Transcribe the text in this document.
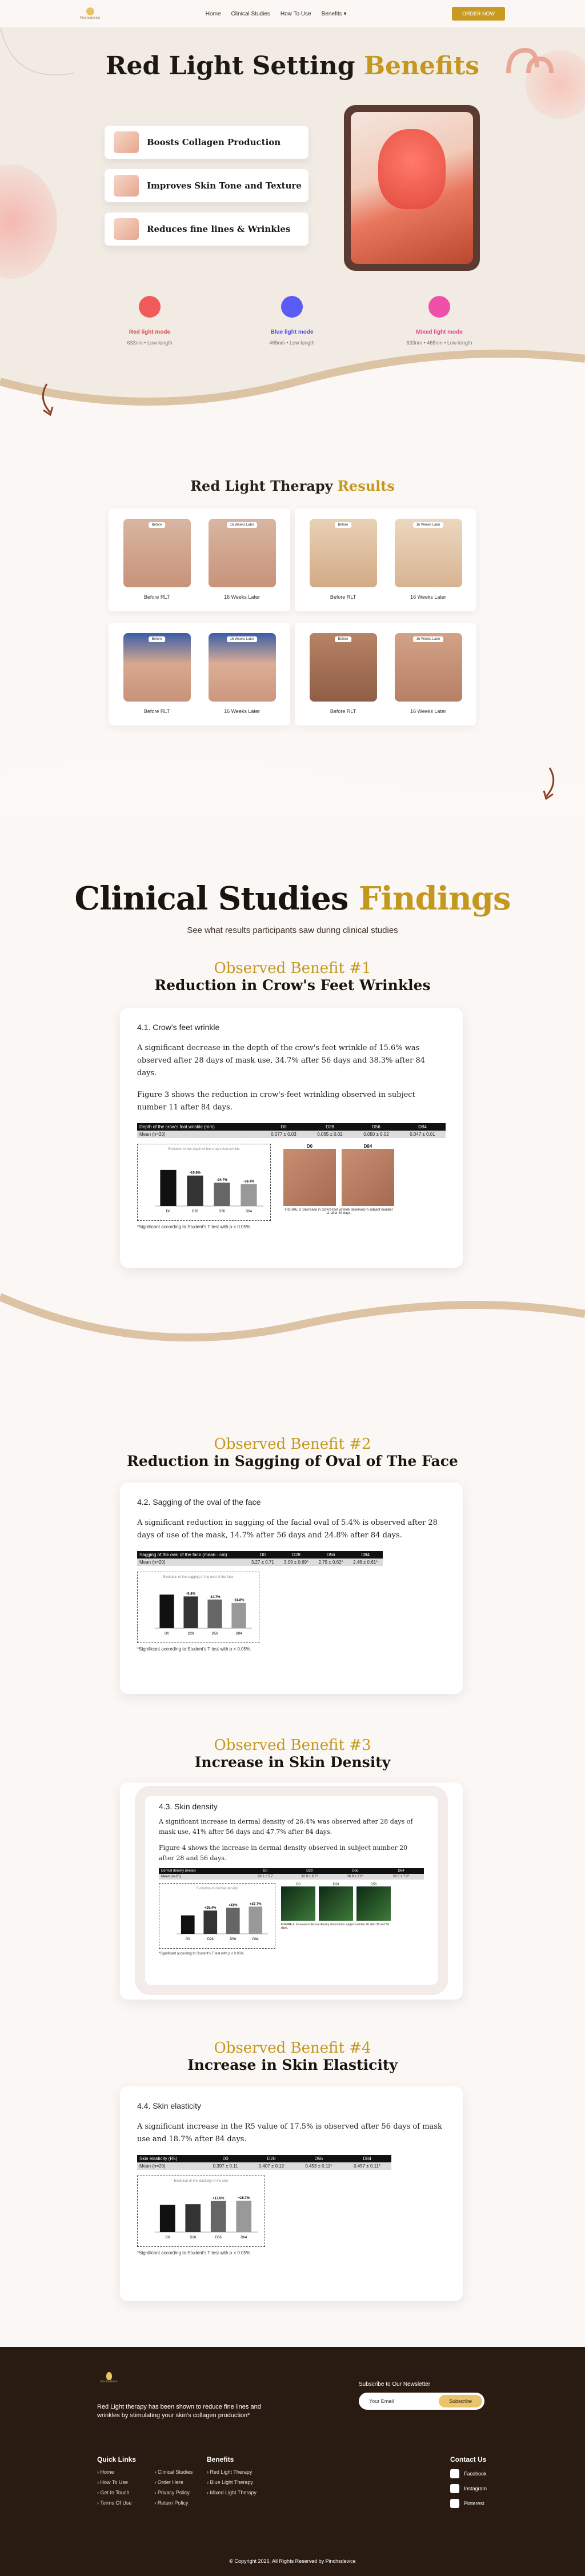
Pinchsdevice
Home Clinical Studies How To Use Benefits ▾	ORDER NOW
Red Light Setting Benefits
Boosts Collagen Production
Improves Skin Tone and Texture
Reduces fine lines & Wrinkles
Red light mode
633nm • Low length
Blue light mode
465nm • Low length
Mixed light mode
633nm • 465nm • Low length
Red Light Therapy Results
Before
Before RLT
16 Weeks Later
16 Weeks Later
Before
Before RLT
16 Weeks Later
16 Weeks Later
Before
Before RLT
16 Weeks Later
16 Weeks Later
Before
Before RLT
16 Weeks Later
16 Weeks Later
Clinical Studies Findings
See what results participants saw during clinical studies
Observed Benefit #1
Reduction in Crow's Feet Wrinkles
4.1. Crow's feet wrinkle
A significant decrease in the depth of the crow's feet wrinkle of 15.6% was observed after 28 days of mask use, 34.7% after 56 days and 38.3% after 84 days.
Figure 3 shows the reduction in crow's-feet wrinkling observed in subject number 11 after 84 days.
Depth of the crow's foot wrinkle (mm)	D0	D28	D56	D84
Mean (n=20)	0.077 ± 0.03	0.065 ± 0.02	0.050 ± 0.02	0.047 ± 0.01
Evolution of the depth of the crow's foot wrinkle
D0	D28
-15.6%
D56
-34.7%
D84
-38.3%
D0	D84
FIGURE 3: Decrease in crow's-foot wrinkle observed in subject number 11 after 84 days.
*Significant according to Student's T test with p < 0.05%.
Observed Benefit #2
Reduction in Sagging of Oval of The Face
4.2. Sagging of the oval of the face
A significant reduction in sagging of the facial oval of 5.4% is observed after 28 days of use of the mask, 14.7% after 56 days and 24.8% after 84 days.
Sagging of the oval of the face (mean - cm)	D0	D28	D56	D84
Mean (n=20)	3.27 ± 0.71	3.09 ± 0.69*	2.79 ± 0.62*	2.46 ± 0.61*
Evolution of the sagging of the oval of the face
D0	D28
-5.4%
D56
-14.7%
D84
-24.8%
*Significant according to Student's T test with p < 0.05%.
Observed Benefit #3
Increase in Skin Density
4.3. Skin density
A significant increase in dermal density of 26.4% was observed after 28 days of mask use, 41% after 56 days and 47.7% after 84 days.
Figure 4 shows the increase in dermal density observed in subject number 20 after 28 and 56 days.
Dermal density (mean)	D0	D28	D56	D84
Mean (n=20)	26.1 ± 5.7	32.9 ± 6.5*	36.8 ± 7.6*	38.5 ± 7.2*
Evolution of dermal density
D0	D28
+26.4%
D56
+41%
D84
+47.7%
D0	D28	D56
FIGURE 4: Increase in dermal density observed in subject number 20 after 28 and 56 days.
*Significant according to Student's T test with p < 0.05%.
Observed Benefit #4
Increase in Skin Elasticity
4.4. Skin elasticity
A significant increase in the R5 value of 17.5% is observed after 56 days of mask use and 18.7% after 84 days.
Skin elasticity (R5)	D0	D28	D56	D84
Mean (n=20)	0.397 ± 0.11	0.407 ± 0.12	0.453 ± 0.11*	0.457 ± 0.11*
Evolution of the elasticity of the skin
D0	D28	D56
+17.5%
D84
+18.7%
*Significant according to Student's T test with p < 0.05%.
Pinchsdevice
Red Light therapy has been shown to reduce fine lines and wrinkles by stimulating your skin's collagen production*
Subscribe to Our Newsletter
Your Email	Subscribe
Quick Links
› Home
› How To Use
› Get In Touch
› Terms Of Use
› Clinical Studies
› Order Here
› Privacy Policy
› Return Policy
Benefits
› Red Light Therapy
› Blue Light Therapy
› Mixed Light Therapy
Contact Us
Facebook
Instagram
Pinterest
© Copyright 2026, All Rights Reserved by Pinchsdevice
